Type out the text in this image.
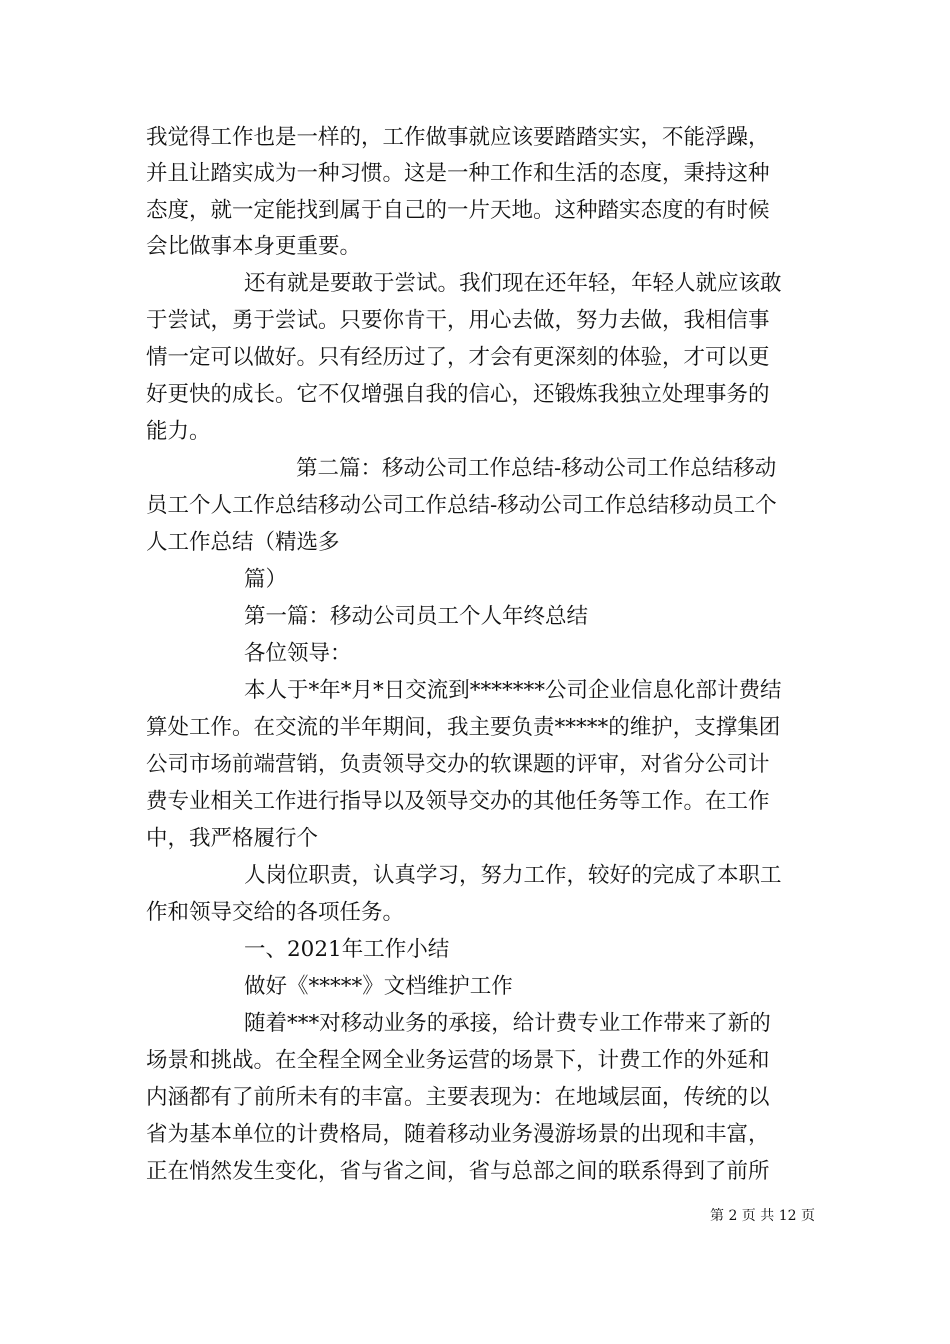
我觉得工作也是一样的，工作做事就应该要踏踏实实，不能浮躁，
并且让踏实成为一种习惯。这是一种工作和生活的态度，秉持这种
态度，就一定能找到属于自己的一片天地。这种踏实态度的有时候
会比做事本身更重要。
还有就是要敢于尝试。我们现在还年轻，年轻人就应该敢
于尝试，勇于尝试。只要你肯干，用心去做，努力去做，我相信事
情一定可以做好。只有经历过了，才会有更深刻的体验，才可以更
好更快的成长。它不仅增强自我的信心，还锻炼我独立处理事务的
能力。
第二篇：移动公司工作总结-移动公司工作总结移动
员工个人工作总结移动公司工作总结-移动公司工作总结移动员工个
人工作总结（精选多
篇）
第一篇：移动公司员工个人年终总结
各位领导：
本人于*年*月*日交流到*******公司企业信息化部计费结
算处工作。在交流的半年期间，我主要负责*****的维护，支撑集团
公司市场前端营销，负责领导交办的软课题的评审，对省分公司计
费专业相关工作进行指导以及领导交办的其他任务等工作。在工作
中，我严格履行个
人岗位职责，认真学习，努力工作，较好的完成了本职工
作和领导交给的各项任务。
一、2021年工作小结
做好《*****》文档维护工作
随着***对移动业务的承接，给计费专业工作带来了新的
场景和挑战。在全程全网全业务运营的场景下，计费工作的外延和
内涵都有了前所未有的丰富。主要表现为：在地域层面，传统的以
省为基本单位的计费格局，随着移动业务漫游场景的出现和丰富，
正在悄然发生变化，省与省之间，省与总部之间的联系得到了前所
第 2 页 共 12 页
